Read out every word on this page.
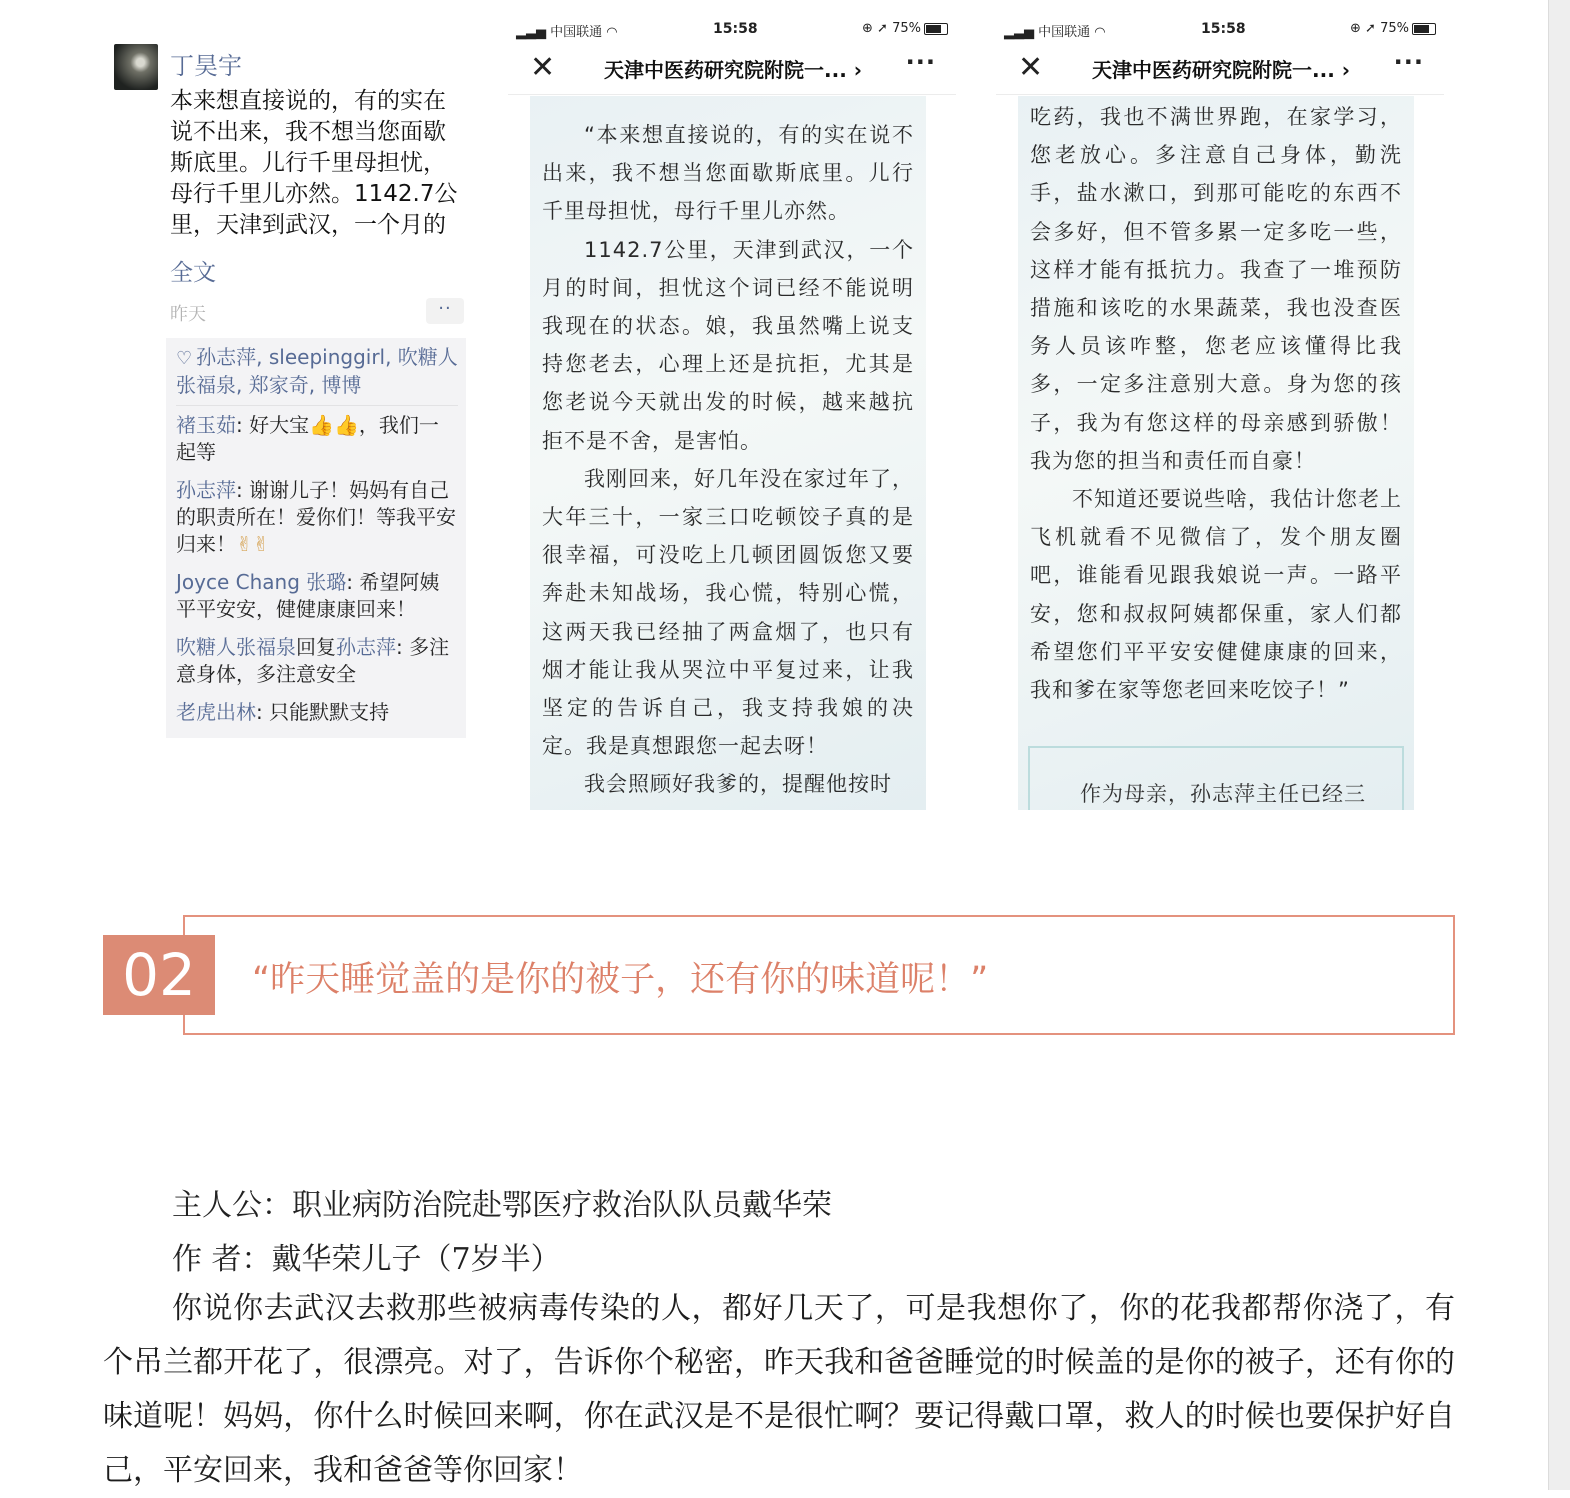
丁昊宇
本来想直接说的，有的实在说不出来，我不想当您面歇斯底里。儿行千里母担忧，母行千里儿亦然。1142.7公里，天津到武汉，一个月的
全文
昨天	··
♡ 孙志萍, sleepinggirl, 吹糖人张福泉, 郑家奇, 博博
褚玉茹: 好大宝👍👍，我们一起等
孙志萍: 谢谢儿子！妈妈有自己的职责所在！爱你们！等我平安归来！✌✌
Joyce Chang 张璐: 希望阿姨平平安安，健健康康回来！
吹糖人张福泉回复孙志萍: 多注意身体，多注意安全
老虎出林: 只能默默支持
▂▃▅ 中国联通 ◠	15:58	⊕ ➚ 75%
✕ 天津中医药研究院附院一... › ···

“本来想直接说的，有的实在说不出来，我不想当您面歇斯底里。儿行千里母担忧，母行千里儿亦然。

1142.7公里，天津到武汉，一个月的时间，担忧这个词已经不能说明我现在的状态。娘，我虽然嘴上说支持您老去，心理上还是抗拒，尤其是您老说今天就出发的时候，越来越抗拒不是不舍，是害怕。

我刚回来，好几年没在家过年了，大年三十，一家三口吃顿饺子真的是很幸福，可没吃上几顿团圆饭您又要奔赴未知战场，我心慌，特别心慌，这两天我已经抽了两盒烟了，也只有烟才能让我从哭泣中平复过来，让我坚定的告诉自己，我支持我娘的决定。我是真想跟您一起去呀！

我会照顾好我爹的，提醒他按时

▂▃▅ 中国联通 ◠	15:58	⊕ ➚ 75%
✕ 天津中医药研究院附院一... › ···

吃药，我也不满世界跑，在家学习，您老放心。多注意自己身体，勤洗手，盐水漱口，到那可能吃的东西不会多好，但不管多累一定多吃一些，这样才能有抵抗力。我查了一堆预防措施和该吃的水果蔬菜，我也没查医务人员该咋整，您老应该懂得比我多，一定多注意别大意。身为您的孩子，我为有您这样的母亲感到骄傲！我为您的担当和责任而自豪！

不知道还要说些啥，我估计您老上飞机就看不见微信了，发个朋友圈吧，谁能看见跟我娘说一声。一路平安，您和叔叔阿姨都保重，家人们都希望您们平平安安健健康康的回来，我和爹在家等您老回来吃饺子！”

作为母亲，孙志萍主任已经三
02	“昨天睡觉盖的是你的被子，还有你的味道呢！”
主人公：职业病防治院赴鄂医疗救治队队员戴华荣
作 者：戴华荣儿子（7岁半）

你说你去武汉去救那些被病毒传染的人，都好几天了，可是我想你了，你的花我都帮你浇了，有个吊兰都开花了，很漂亮。对了，告诉你个秘密，昨天我和爸爸睡觉的时候盖的是你的被子，还有你的味道呢！妈妈，你什么时候回来啊，你在武汉是不是很忙啊？要记得戴口罩，救人的时候也要保护好自己，平安回来，我和爸爸等你回家！
